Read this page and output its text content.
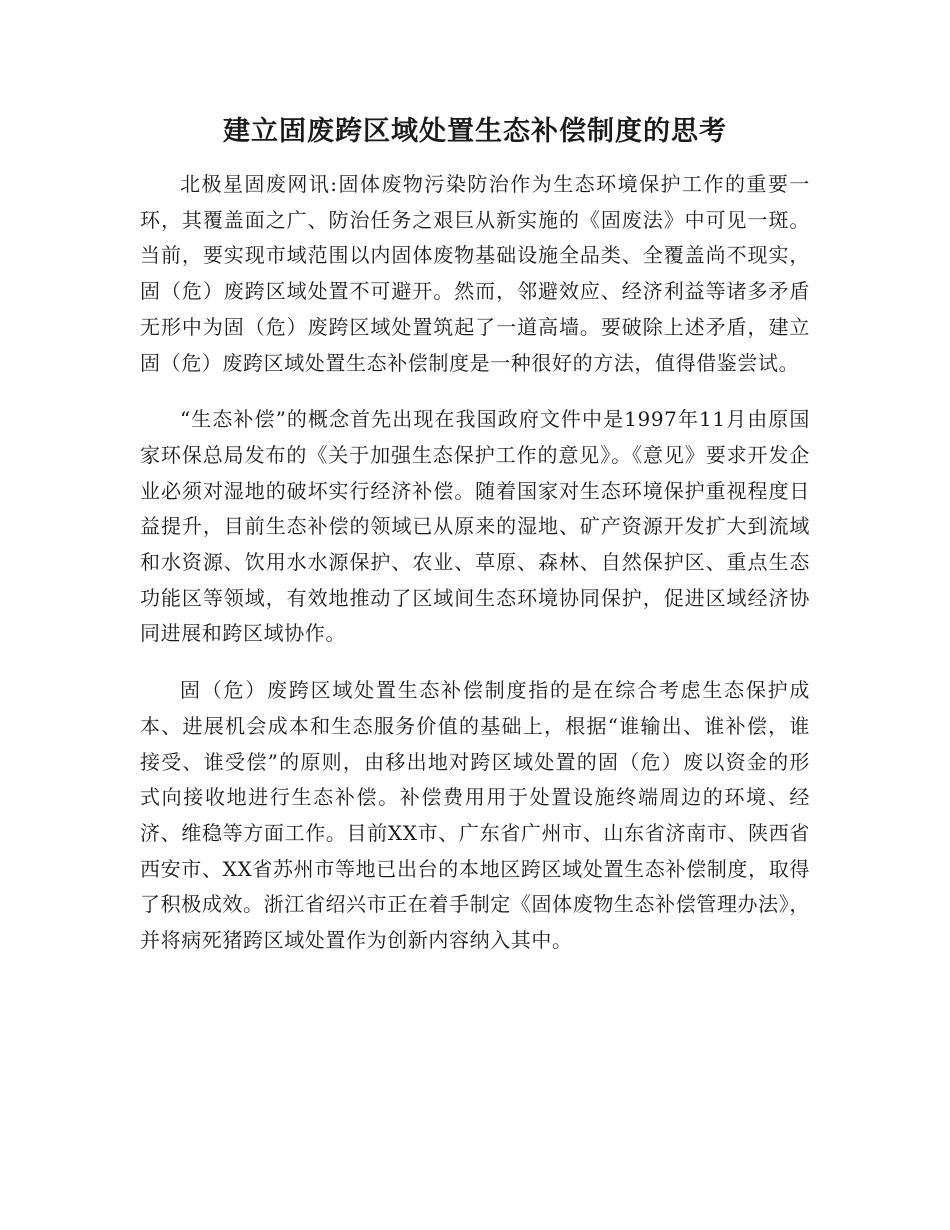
建立固废跨区域处置生态补偿制度的思考

北极星固废网讯:固体废物污染防治作为生态环境保护工作的重要一环，其覆盖面之广、防治任务之艰巨从新实施的《固废法》中可见一斑。当前，要实现市域范围以内固体废物基础设施全品类、全覆盖尚不现实，固（危）废跨区域处置不可避开。然而，邻避效应、经济利益等诸多矛盾无形中为固（危）废跨区域处置筑起了一道高墙。要破除上述矛盾，建立固（危）废跨区域处置生态补偿制度是一种很好的方法，值得借鉴尝试。

“生态补偿”的概念首先出现在我国政府文件中是1997年11月由原国家环保总局发布的《关于加强生态保护工作的意见》。《意见》要求开发企业必须对湿地的破坏实行经济补偿。随着国家对生态环境保护重视程度日益提升，目前生态补偿的领域已从原来的湿地、矿产资源开发扩大到流域和水资源、饮用水水源保护、农业、草原、森林、自然保护区、重点生态功能区等领域，有效地推动了区域间生态环境协同保护，促进区域经济协同进展和跨区域协作。

固（危）废跨区域处置生态补偿制度指的是在综合考虑生态保护成本、进展机会成本和生态服务价值的基础上，根据“谁输出、谁补偿，谁接受、谁受偿”的原则，由移出地对跨区域处置的固（危）废以资金的形式向接收地进行生态补偿。补偿费用用于处置设施终端周边的环境、经济、维稳等方面工作。目前XX市、广东省广州市、山东省济南市、陕西省西安市、XX省苏州市等地已出台的本地区跨区域处置生态补偿制度，取得了积极成效。浙江省绍兴市正在着手制定《固体废物生态补偿管理办法》，并将病死猪跨区域处置作为创新内容纳入其中。
